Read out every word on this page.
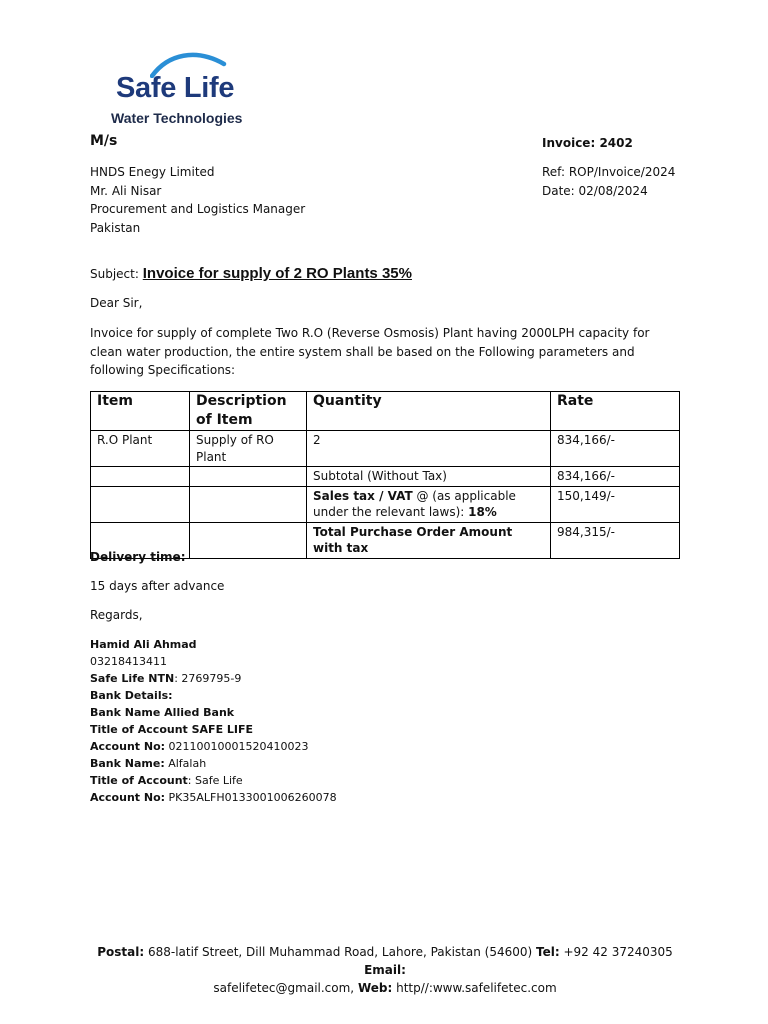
Safe Life
Water Technologies
M/s	Invoice: 2402
HNDS Enegy Limited
Mr. Ali Nisar
Procurement and Logistics Manager
Pakistan
Ref: ROP/Invoice/2024
Date: 02/08/2024
Subject: Invoice for supply of 2 RO Plants 35%
Dear Sir,
Invoice for supply of complete Two R.O (Reverse Osmosis) Plant having 2000LPH capacity for clean water production, the entire system shall be based on the Following parameters and following Specifications:
Item	Description of Item	Quantity	Rate
R.O Plant	Supply of RO Plant	2	834,166/-
		Subtotal (Without Tax)	834,166/-
		Sales tax / VAT @ (as applicable under the relevant laws): 18%	150,149/-
		Total Purchase Order Amount with tax	984,315/-
Delivery time:
15 days after advance
Regards,
Hamid Ali Ahmad
03218413411
Safe Life NTN: 2769795-9
Bank Details:
Bank Name Allied Bank
Title of Account SAFE LIFE
Account No: 02110010001520410023
Bank Name: Alfalah
Title of Account: Safe Life
Account No: PK35ALFH0133001006260078
Postal: 688-latif Street, Dill Muhammad Road, Lahore, Pakistan (54600) Tel: +92 42 37240305 Email:
safelifetec@gmail.com, Web: http//:www.safelifetec.com
